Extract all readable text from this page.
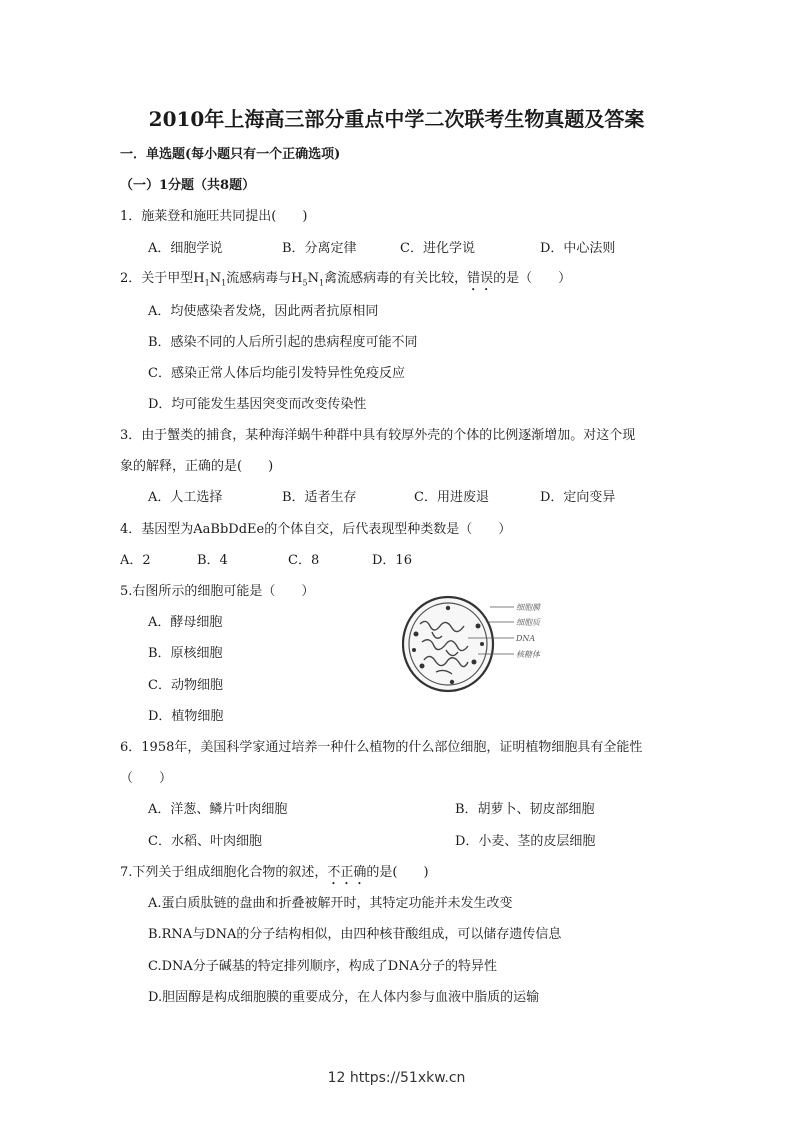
2010年上海高三部分重点中学二次联考生物真题及答案
一．单选题(每小题只有一个正确选项)
（一）1分题（共8题）
1．施莱登和施旺共同提出(　　)
A．细胞学说	B．分离定律	C．进化学说	D．中心法则
2．关于甲型$H_1N_1$流感病毒与$H_5N_1$禽流感病毒的有关比较，错误的是（　　）
A．均使感染者发烧，因此两者抗原相同
B．感染不同的人后所引起的患病程度可能不同
C．感染正常人体后均能引发特异性免疫反应
D．均可能发生基因突变而改变传染性
3．由于蟹类的捕食，某种海洋蜗牛种群中具有较厚外壳的个体的比例逐渐增加。对这个现
象的解释，正确的是(　　)
A．人工选择	B．适者生存	C．用进废退	D．定向变异
4．基因型为AaBbDdEe的个体自交，后代表现型种类数是（　　）
A．2	B．4	C．8	D．16
5.右图所示的细胞可能是（　　）
A．酵母细胞
B．原核细胞
C．动物细胞
D．植物细胞
细胞膜
细胞质
DNA
核糖体
6．1958年，美国科学家通过培养一种什么植物的什么部位细胞，证明植物细胞具有全能性
（　　）
A．洋葱、鳞片叶肉细胞	B．胡萝卜、韧皮部细胞
C．水稻、叶肉细胞	D．小麦、茎的皮层细胞
7.下列关于组成细胞化合物的叙述，不正确的是(　　)
A.蛋白质肽链的盘曲和折叠被解开时，其特定功能并未发生改变
B.RNA与DNA的分子结构相似，由四种核苷酸组成，可以储存遗传信息
C.DNA分子碱基的特定排列顺序，构成了DNA分子的特异性
D.胆固醇是构成细胞膜的重要成分，在人体内参与血液中脂质的运输
12 https://51xkw.cn
